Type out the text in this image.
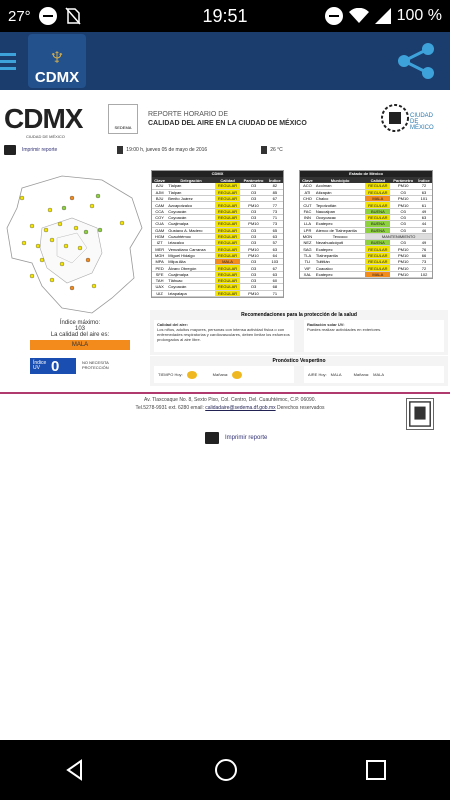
27°	19:51	100 %
♆
CDMX
CDMX
CIUDAD DE MÉXICO
SEDEMA
REPORTE HORARIO DE
CALIDAD DEL AIRE EN LA CIUDAD DE MÉXICO
CIUDAD
DE MÉXICO
Imprimir reporte	19:00 h, jueves 05 de mayo de 2016	26 °C
CDMX
Clave	Delegación	Calidad	Parámetro	Índice
AJU	Tlalpan	REGULAR	O3	82
AJM	Tlalpan	REGULAR	O3	85
BJU	Benito Juárez	REGULAR	O3	67
CAM	Azcapotzalco	REGULAR	PM10	77
CCA	Coyoacán	REGULAR	O3	73
COY	Coyoacán	REGULAR	O3	71
CUA	Cuajimalpa	REGULAR	PM10	73
GAM	Gustavo A. Madero	REGULAR	O3	65
HGM	Cuauhtémoc	REGULAR	O3	63
IZT	Iztacalco	REGULAR	O3	57
MER	Venustiano Carranza	REGULAR	PM10	63
MGH	Miguel Hidalgo	REGULAR	PM10	64
MPA	Milpa Alta	MALA	O3	103
PED	Álvaro Obregón	REGULAR	O3	67
SFE	Cuajimalpa	REGULAR	O3	63
TAH	Tláhuac	REGULAR	O3	60
UAX	Coyoacán	REGULAR	O3	68
UIZ	Iztapalapa	REGULAR	PM10	71
Estado de México
Clave	Municipio	Calidad	Parámetro	Índice
ACO	Acolman	REGULAR	PM10	72
ATI	Atizapán	REGULAR	O3	63
CHO	Chalco	MALA	PM10	101
CUT	Tepotzotlán	REGULAR	PM10	61
FAC	Naucalpan	BUENA	O3	49
INN	Ocoyoacac	REGULAR	O3	63
LLA	Ecatepec	BUENA	O3	44
LPR	Atenco de Tlalnepantla	BUENA	O3	46
MON	Texcoco	MANTENIMIENTO		
NEZ	Nezahualcóyotl	BUENA	O3	49
SAG	Ecatepec	REGULAR	PM10	76
TLA	Tlalnepantla	REGULAR	PM10	66
TLI	Tultitlán	REGULAR	PM10	73
VIF	Coacalco	REGULAR	PM10	72
XAL	Ecatepec	MALA	PM10	102
Índice máximo:
103
La calidad del aire es:
MALA
Índice UV 0	NO NECESITA PROTECCIÓN
Recomendaciones para la protección de la salud
Calidad del aire:
Los niños, adultos mayores, personas con intensa actividad física o con enfermedades respiratorias y cardiovasculares, deben limitar los esfuerzos prolongados al aire libre.
Radiación solar UV:
Puedes realizar actividades en exteriores.
Pronóstico Vespertino
TIEMPO Hoy:	Mañana:	AIRE Hoy: MALA	Mañana: MALA
Av. Tlaxcoaque No. 8, Sexto Piso, Col. Centro, Del. Cuauhtémoc, C.P. 06090.
Tel.5278-9931 ext. 6280 email: calidadaire@sedema.df.gob.mx Derechos reservados
Imprimir reporte
